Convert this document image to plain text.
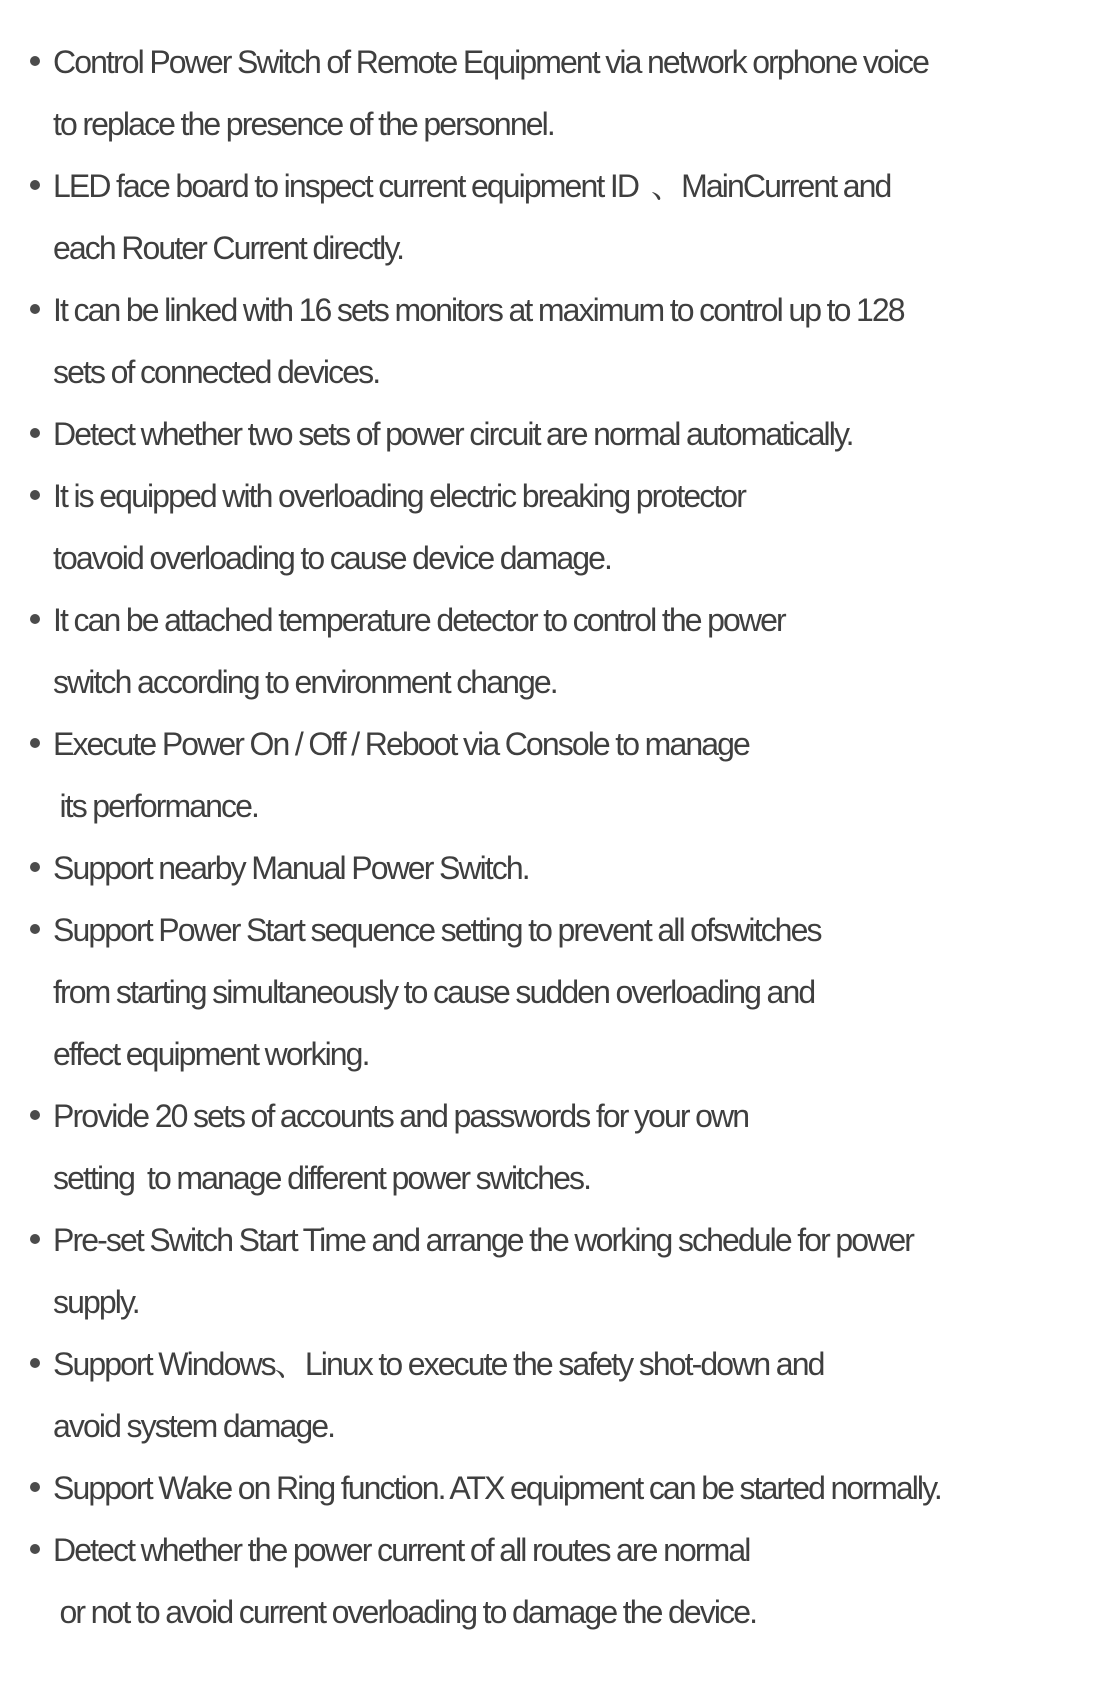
Control Power Switch of Remote Equipment via network orphone voice
to replace the presence of the personnel.
LED face board to inspect current equipment ID  、MainCurrent and
each Router Current directly.
It can be linked with 16 sets monitors at maximum to control up to 128
sets of connected devices.
Detect whether two sets of power circuit are normal automatically.
It is equipped with overloading electric breaking protector
toavoid overloading to cause device damage.
It can be attached temperature detector to control the power
switch according to environment change.
Execute Power On / Off / Reboot via Console to manage
its performance.
Support nearby Manual Power Switch.
Support Power Start sequence setting to prevent all ofswitches
from starting simultaneously to cause sudden overloading and
effect equipment working.
Provide 20 sets of accounts and passwords for your own
setting  to manage different power switches.
Pre-set Switch Start Time and arrange the working schedule for power
supply.
Support Windows、Linux to execute the safety shot-down and
avoid system damage.
Support Wake on Ring function. ATX equipment can be started normally.
Detect whether the power current of all routes are normal
or not to avoid current overloading to damage the device.
